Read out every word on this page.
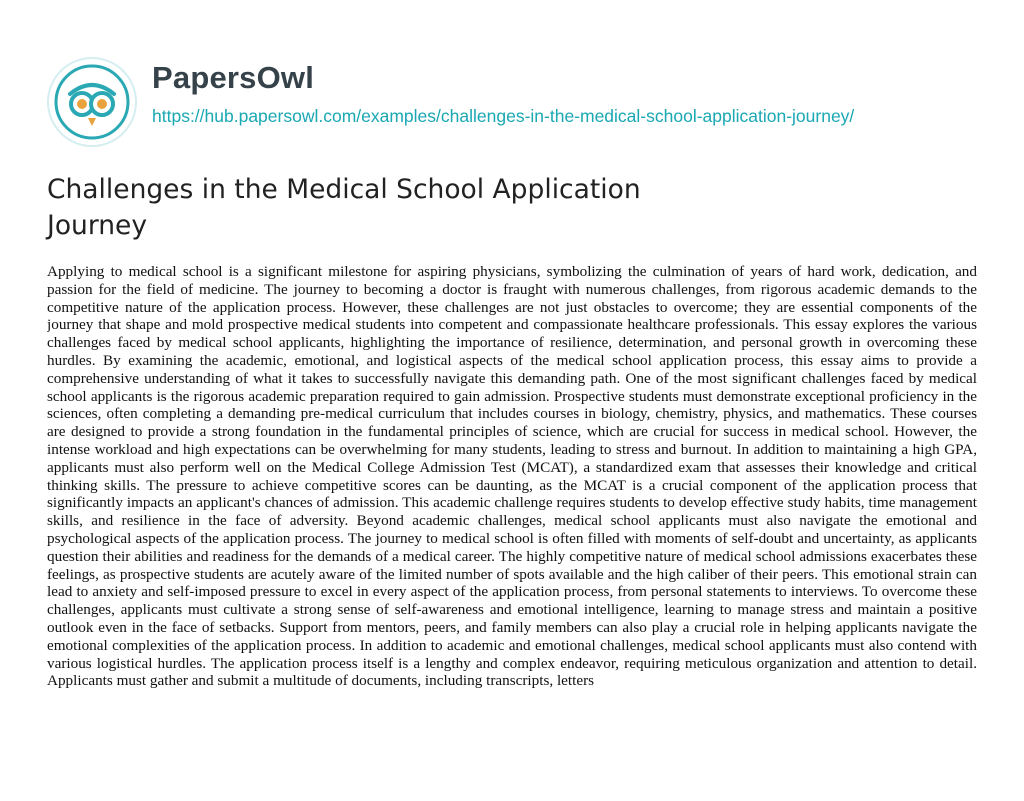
PapersOwl
https://hub.papersowl.com/examples/challenges-in-the-medical-school-application-journey/
Challenges in the Medical School Application Journey
Applying to medical school is a significant milestone for aspiring physicians, symbolizing the culmination of years of hard work, dedication, and passion for the field of medicine. The journey to becoming a doctor is fraught with numerous challenges, from rigorous academic demands to the competitive nature of the application process. However, these challenges are not just obstacles to overcome; they are essential components of the journey that shape and mold prospective medical students into competent and compassionate healthcare professionals. This essay explores the various challenges faced by medical school applicants, highlighting the importance of resilience, determination, and personal growth in overcoming these hurdles. By examining the academic, emotional, and logistical aspects of the medical school application process, this essay aims to provide a comprehensive understanding of what it takes to successfully navigate this demanding path. One of the most significant challenges faced by medical school applicants is the rigorous academic preparation required to gain admission. Prospective students must demonstrate exceptional proficiency in the sciences, often completing a demanding pre-medical curriculum that includes courses in biology, chemistry, physics, and mathematics. These courses are designed to provide a strong foundation in the fundamental principles of science, which are crucial for success in medical school. However, the intense workload and high expectations can be overwhelming for many students, leading to stress and burnout. In addition to maintaining a high GPA, applicants must also perform well on the Medical College Admission Test (MCAT), a standardized exam that assesses their knowledge and critical thinking skills. The pressure to achieve competitive scores can be daunting, as the MCAT is a crucial component of the application process that significantly impacts an applicant's chances of admission. This academic challenge requires students to develop effective study habits, time management skills, and resilience in the face of adversity. Beyond academic challenges, medical school applicants must also navigate the emotional and psychological aspects of the application process. The journey to medical school is often filled with moments of self-doubt and uncertainty, as applicants question their abilities and readiness for the demands of a medical career. The highly competitive nature of medical school admissions exacerbates these feelings, as prospective students are acutely aware of the limited number of spots available and the high caliber of their peers. This emotional strain can lead to anxiety and self-imposed pressure to excel in every aspect of the application process, from personal statements to interviews. To overcome these challenges, applicants must cultivate a strong sense of self-awareness and emotional intelligence, learning to manage stress and maintain a positive outlook even in the face of setbacks. Support from mentors, peers, and family members can also play a crucial role in helping applicants navigate the emotional complexities of the application process. In addition to academic and emotional challenges, medical school applicants must also contend with various logistical hurdles. The application process itself is a lengthy and complex endeavor, requiring meticulous organization and attention to detail. Applicants must gather and submit a multitude of documents, including transcripts, letters
